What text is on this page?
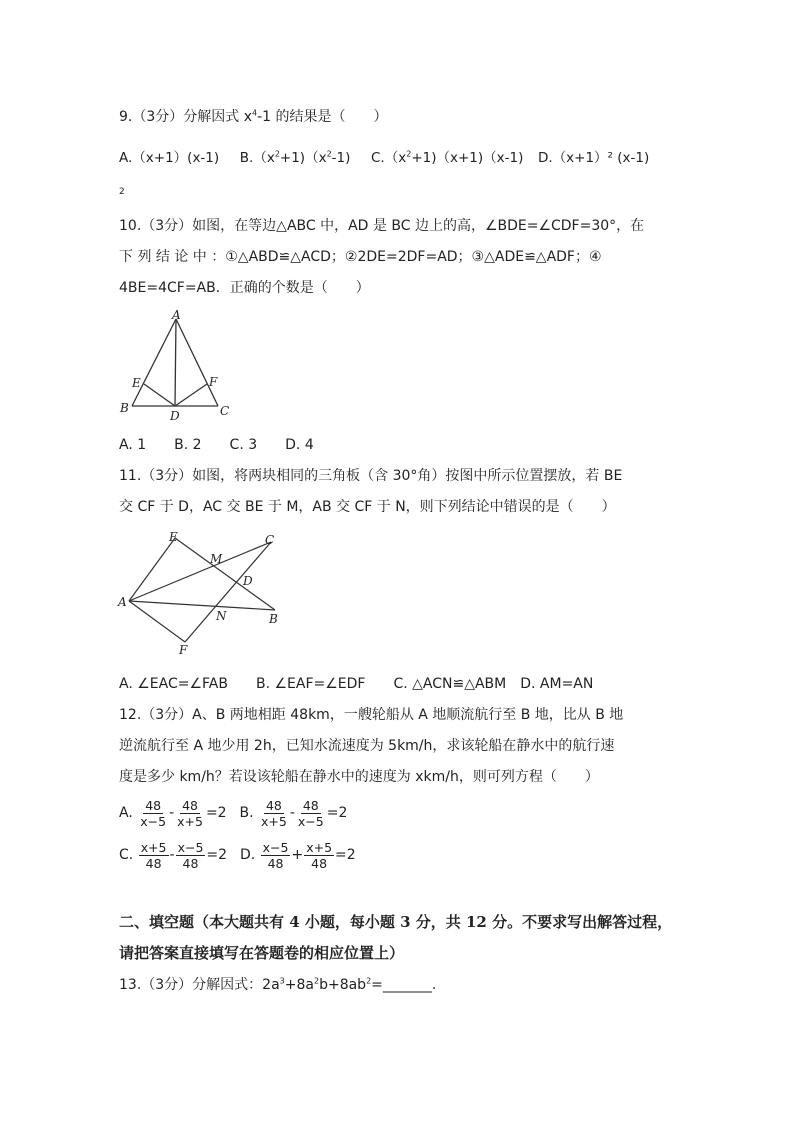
9.（3分）分解因式 $x^4-1$ 的结果是（　　）
A.（x+1）(x-1) $B.(x^2+1)(x^2-1)$ $C.(x^2+1)(x+1)(x-1)$ D.（x+1）² (x-1)
2
10.（3分）如图，在等边△ABC 中，AD 是 BC 边上的高，∠BDE=∠CDF=30°，在
下 列 结 论 中 ：①△ABD≌△ACD；②2DE=2DF=AD；③△ADE≌△ADF；④
4BE=4CF=AB．正确的个数是（　　）
A
B	C
D
E	F
A. 1　　B. 2　　C. 3　　D. 4
11.（3分）如图，将两块相同的三角板（含 30°角）按图中所示位置摆放，若 BE
交 CF 于 D，AC 交 BE 于 M，AB 交 CF 于 N，则下列结论中错误的是（　　）
E	C
M
D
A
N	B
F
A. ∠EAC=∠FAB　　B. ∠EAF=∠EDF　　C. △ACN≌△ABM　D. AM=AN
12.（3分）A、B 两地相距 48km，一艘轮船从 A 地顺流航行至 B 地，比从 B 地
逆流航行至 A 地少用 2h，已知水流速度为 5km/h，求该轮船在静水中的航行速
度是多少 km/h？若设该轮船在静水中的速度为 xkm/h，则可列方程（　　）
A. $\frac{48}{x-5} - \frac{48}{x+5} =2$ B. $\frac{48}{x+5} - \frac{48}{x-5} =2$
C. $\frac{x+5}{48} - \frac{x-5}{48} =2$ D. $\frac{x-5}{48} + \frac{x+5}{48} =2$
二、填空题（本大题共有 4 小题，每小题 3 分，共 12 分。不要求写出解答过程，
请把答案直接填写在答题卷的相应位置上）
13.（3分）分解因式：$2a^3+8a^2b+8ab^2=\_\_\_\_\_\_\_$.
